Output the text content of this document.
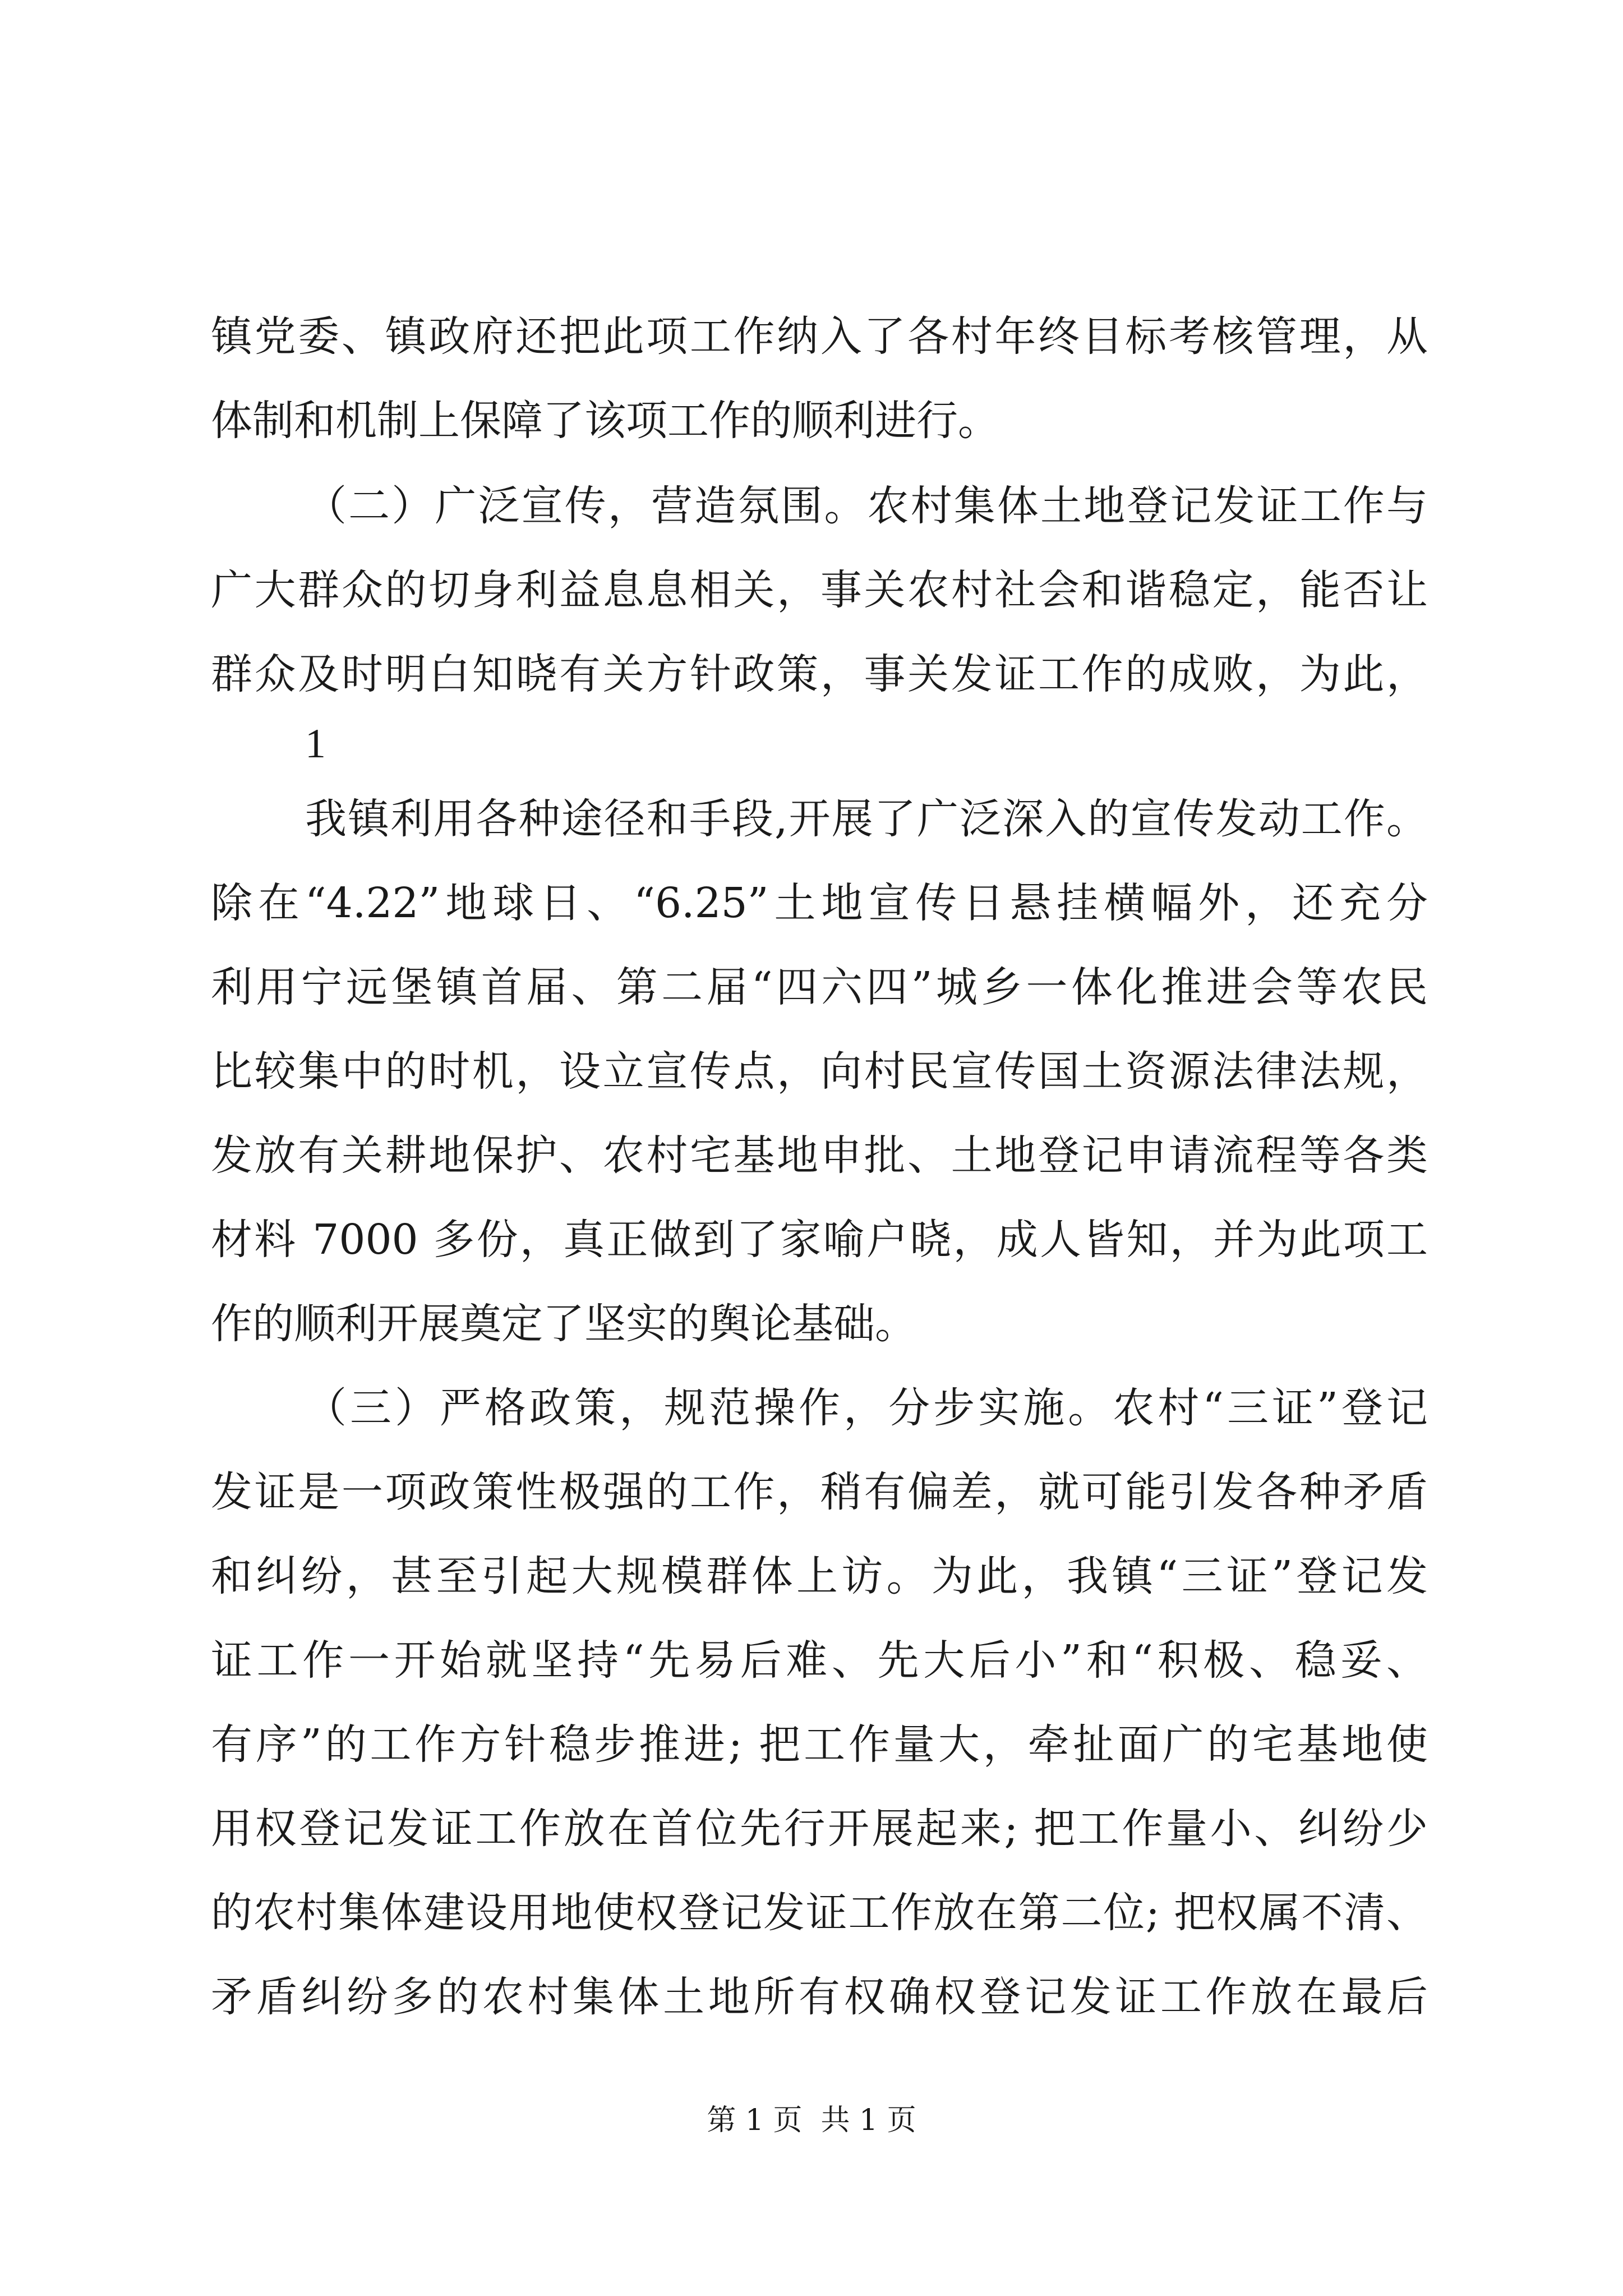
镇党委、镇政府还把此项工作纳入了各村年终目标考核管理，从
体制和机制上保障了该项工作的顺利进行。
（二）广泛宣传，营造氛围。农村集体土地登记发证工作与
广大群众的切身利益息息相关，事关农村社会和谐稳定，能否让
群众及时明白知晓有关方针政策，事关发证工作的成败，为此，
1
我镇利用各种途径和手段,开展了广泛深入的宣传发动工作。
除在“4.22”地球日、“6.25”土地宣传日悬挂横幅外，还充分
利用宁远堡镇首届、第二届“四六四”城乡一体化推进会等农民
比较集中的时机，设立宣传点，向村民宣传国土资源法律法规，
发放有关耕地保护、农村宅基地申批、土地登记申请流程等各类
材料 7000 多份，真正做到了家喻户晓，成人皆知，并为此项工
作的顺利开展奠定了坚实的舆论基础。
（三）严格政策，规范操作，分步实施。农村“三证”登记
发证是一项政策性极强的工作，稍有偏差，就可能引发各种矛盾
和纠纷，甚至引起大规模群体上访。为此，我镇“三证”登记发
证工作一开始就坚持“先易后难、先大后小”和“积极、稳妥、
有序”的工作方针稳步推进; 把工作量大，牵扯面广的宅基地使
用权登记发证工作放在首位先行开展起来; 把工作量小、纠纷少
的农村集体建设用地使权登记发证工作放在第二位; 把权属不清、
矛盾纠纷多的农村集体土地所有权确权登记发证工作放在最后
第 1 页  共 1 页
